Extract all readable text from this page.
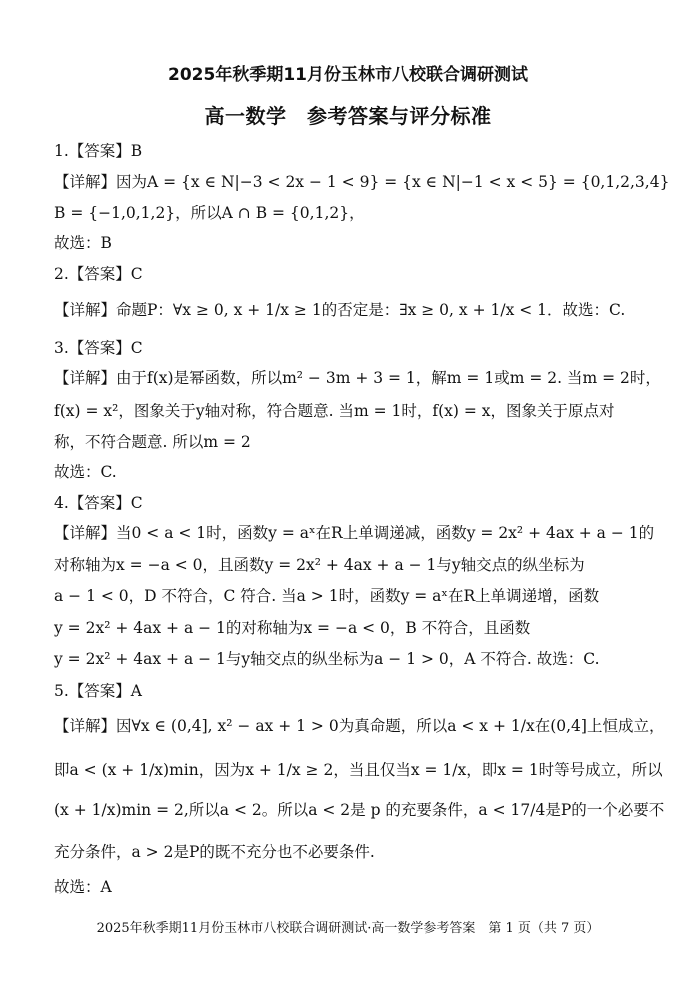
2025年秋季期11月份玉林市八校联合调研测试
高一数学　参考答案与评分标准
1.【答案】B
【详解】因为A = {x ∈ N|−3 < 2x − 1 < 9} = {x ∈ N|−1 < x < 5} = {0,1,2,3,4}
B = {−1,0,1,2}，所以A ∩ B = {0,1,2}，
故选：B
2.【答案】C
【详解】命题P：∀x ≥ 0, x + 1/x ≥ 1的否定是：∃x ≥ 0, x + 1/x < 1．故选：C.
3.【答案】C
【详解】由于f(x)是幂函数，所以m² − 3m + 3 = 1，解m = 1或m = 2. 当m = 2时，
f(x) = x²，图象关于y轴对称，符合题意. 当m = 1时，f(x) = x，图象关于原点对
称，不符合题意. 所以m = 2
故选：C.
4.【答案】C
【详解】当0 < a < 1时，函数y = aˣ在R上单调递减，函数y = 2x² + 4ax + a − 1的
对称轴为x = −a < 0，且函数y = 2x² + 4ax + a − 1与y轴交点的纵坐标为
a − 1 < 0，D 不符合，C 符合. 当a > 1时，函数y = aˣ在R上单调递增，函数
y = 2x² + 4ax + a − 1的对称轴为x = −a < 0，B 不符合，且函数
y = 2x² + 4ax + a − 1与y轴交点的纵坐标为a − 1 > 0，A 不符合. 故选：C.
5.【答案】A
【详解】因∀x ∈ (0,4], x² − ax + 1 > 0为真命题，所以a < x + 1/x在(0,4]上恒成立，
即a < (x + 1/x)min，因为x + 1/x ≥ 2，当且仅当x = 1/x，即x = 1时等号成立，所以
(x + 1/x)min = 2,所以a < 2。所以a < 2是 p 的充要条件，a < 17/4是P的一个必要不
充分条件，a > 2是P的既不充分也不必要条件.
故选：A
2025年秋季期11月份玉林市八校联合调研测试·高一数学参考答案　第 1 页（共 7 页）
